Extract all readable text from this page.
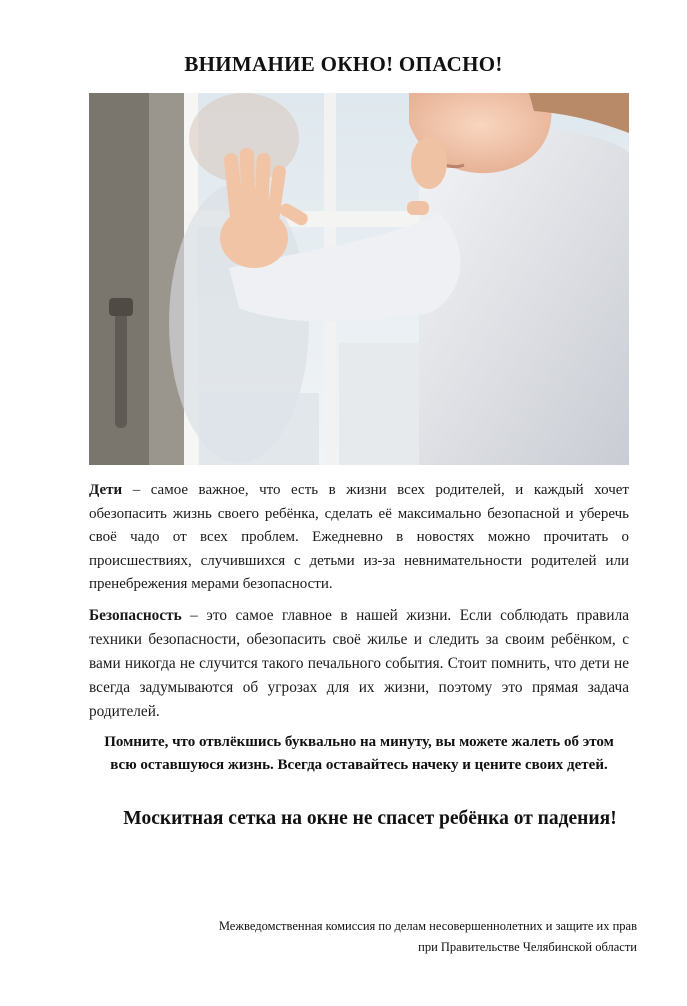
ВНИМАНИЕ ОКНО! ОПАСНО!
Дети – самое важное, что есть в жизни всех родителей, и каждый хочет обезопасить жизнь своего ребёнка, сделать её максимально безопасной и уберечь своё чадо от всех проблем. Ежедневно в новостях можно прочитать о происшествиях, случившихся с детьми из-за невнимательности родителей или пренебрежения мерами безопасности.
Безопасность – это самое главное в нашей жизни. Если соблюдать правила техники безопасности, обезопасить своё жилье и следить за своим ребёнком, с вами никогда не случится такого печального события. Стоит помнить, что дети не всегда задумываются об угрозах для их жизни, поэтому это прямая задача родителей.
Помните, что отвлёкшись буквально на минуту, вы можете жалеть об этом всю оставшуюся жизнь. Всегда оставайтесь начеку и цените своих детей.
Москитная сетка на окне не спасет ребёнка от падения!
Межведомственная комиссия по делам несовершеннолетних и защите их прав
при Правительстве Челябинской области
